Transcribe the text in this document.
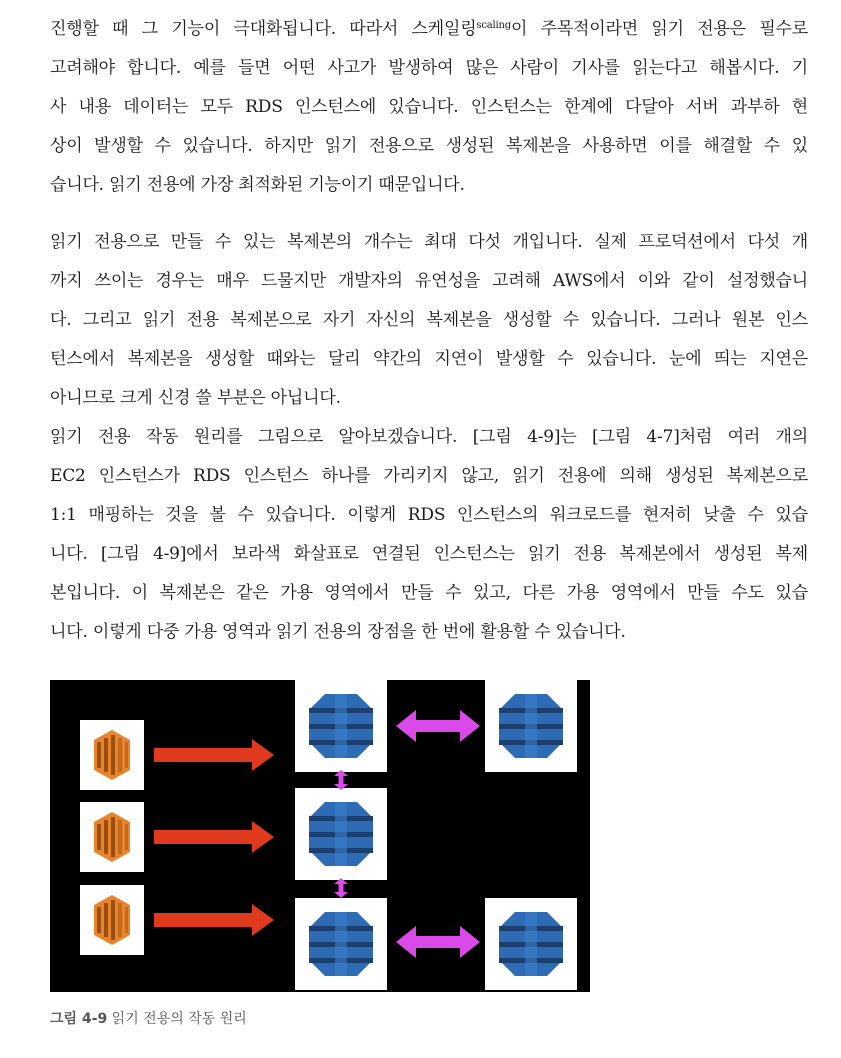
진행할 때 그 기능이 극대화됩니다. 따라서 스케일링$^{scaling}$이 주목적이라면 읽기 전용은 필수로
고려해야 합니다. 예를 들면 어떤 사고가 발생하여 많은 사람이 기사를 읽는다고 해봅시다. 기
사 내용 데이터는 모두 RDS 인스턴스에 있습니다. 인스턴스는 한계에 다달아 서버 과부하 현
상이 발생할 수 있습니다. 하지만 읽기 전용으로 생성된 복제본을 사용하면 이를 해결할 수 있
습니다. 읽기 전용에 가장 최적화된 기능이기 때문입니다.
읽기 전용으로 만들 수 있는 복제본의 개수는 최대 다섯 개입니다. 실제 프로덕션에서 다섯 개
까지 쓰이는 경우는 매우 드물지만 개발자의 유연성을 고려해 AWS에서 이와 같이 설정했습니
다. 그리고 읽기 전용 복제본으로 자기 자신의 복제본을 생성할 수 있습니다. 그러나 원본 인스
턴스에서 복제본을 생성할 때와는 달리 약간의 지연이 발생할 수 있습니다. 눈에 띄는 지연은
아니므로 크게 신경 쓸 부분은 아닙니다.
읽기 전용 작동 원리를 그림으로 알아보겠습니다. [그림 4-9]는 [그림 4-7]처럼 여러 개의
EC2 인스턴스가 RDS 인스턴스 하나를 가리키지 않고, 읽기 전용에 의해 생성된 복제본으로
1:1 매핑하는 것을 볼 수 있습니다. 이렇게 RDS 인스턴스의 워크로드를 현저히 낮출 수 있습
니다. [그림 4-9]에서 보라색 화살표로 연결된 인스턴스는 읽기 전용 복제본에서 생성된 복제
본입니다. 이 복제본은 같은 가용 영역에서 만들 수 있고, 다른 가용 영역에서 만들 수도 있습
니다. 이렇게 다중 가용 영역과 읽기 전용의 장점을 한 번에 활용할 수 있습니다.
그림 4-9 읽기 전용의 작동 원리
